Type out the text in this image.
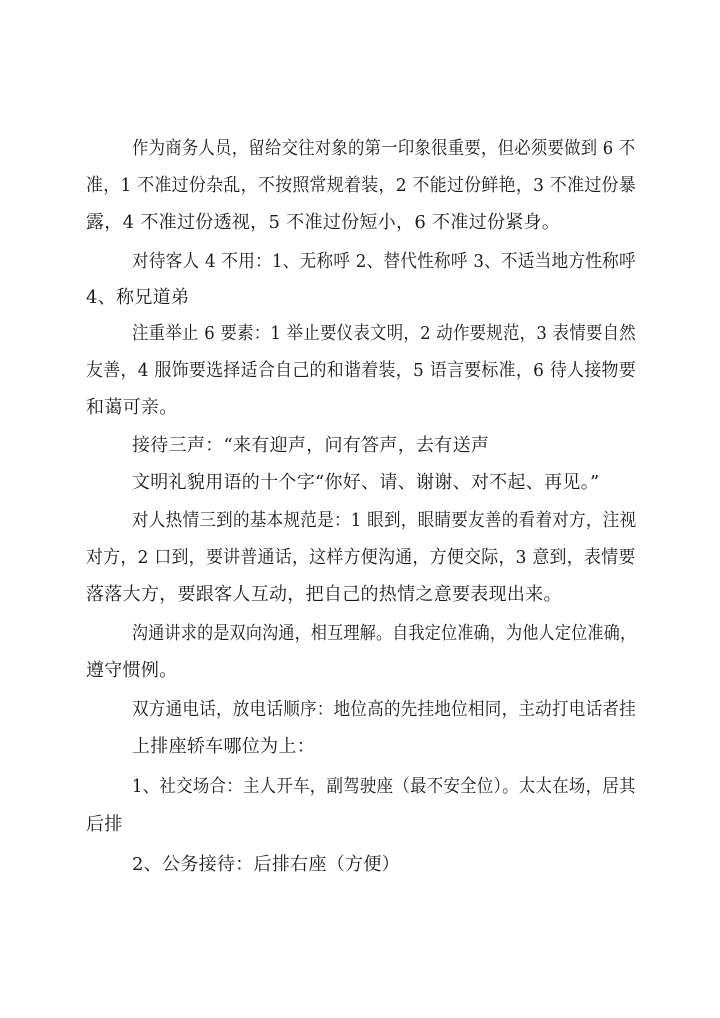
作为商务人员，留给交往对象的第一印象很重要，但必须要做到 6 不
准，1 不准过份杂乱，不按照常规着装，2 不能过份鲜艳，3 不准过份暴
露，4 不准过份透视，5 不准过份短小，6 不准过份紧身。
对待客人 4 不用：1、无称呼 2、替代性称呼 3、不适当地方性称呼
4、称兄道弟
注重举止 6 要素：1 举止要仪表文明，2 动作要规范，3 表情要自然
友善，4 服饰要选择适合自己的和谐着装，5 语言要标准，6 待人接物要
和蔼可亲。
接待三声：“来有迎声，问有答声，去有送声
文明礼貌用语的十个字“你好、请、谢谢、对不起、再见。”
对人热情三到的基本规范是：1 眼到，眼睛要友善的看着对方，注视
对方，2 口到，要讲普通话，这样方便沟通，方便交际，3 意到，表情要
落落大方，要跟客人互动，把自己的热情之意要表现出来。
沟通讲求的是双向沟通，相互理解。自我定位准确，为他人定位准确，
遵守惯例。
双方通电话，放电话顺序：地位高的先挂地位相同，主动打电话者挂
上排座轿车哪位为上：
1、社交场合：主人开车，副驾驶座（最不安全位）。太太在场，居其
后排
2、公务接待：后排右座（方便）
